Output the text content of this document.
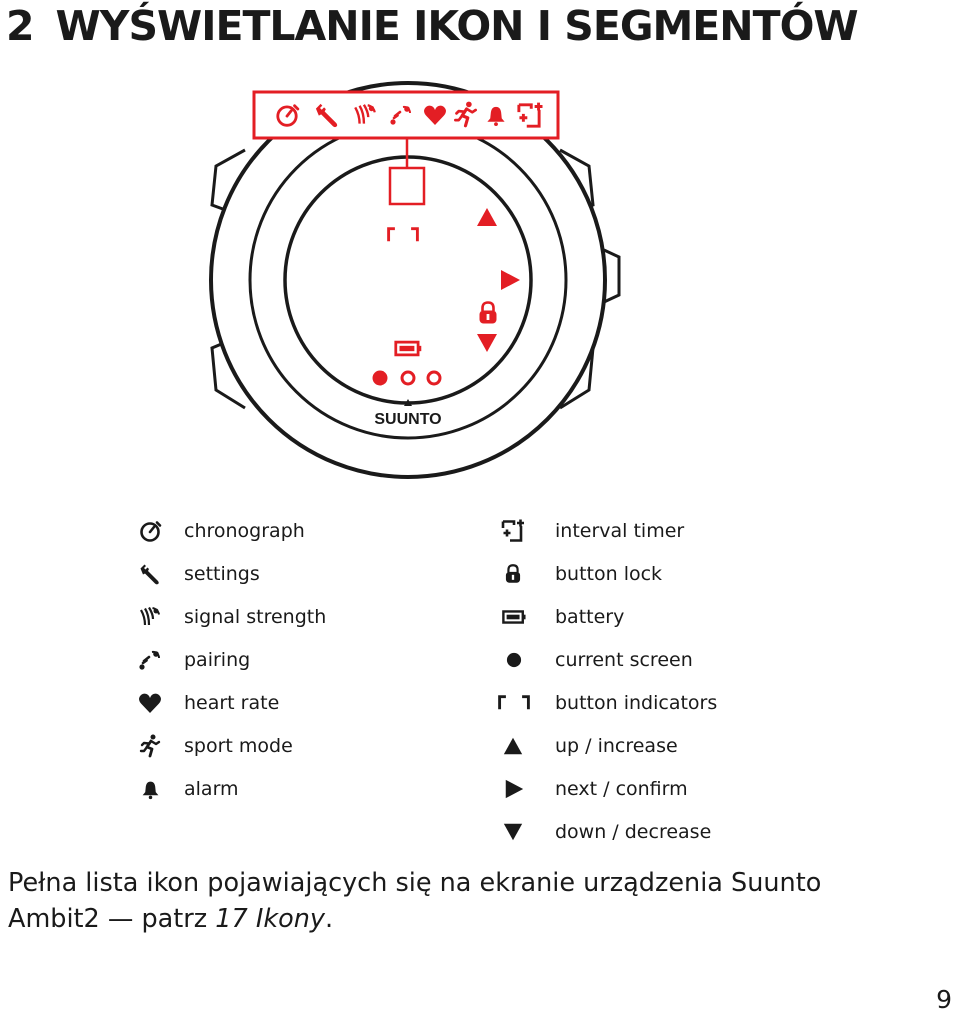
2 WYŚWIETLANIE IKON I SEGMENTÓW
SUUNTO
chronograph
settings
signal strength
pairing
heart rate
sport mode
alarm
interval timer
button lock
battery
current screen
button indicators
up / increase
next / confirm
down / decrease
Pełna lista ikon pojawiających się na ekranie urządzenia Suunto Ambit2 — patrz 17 Ikony.
9
